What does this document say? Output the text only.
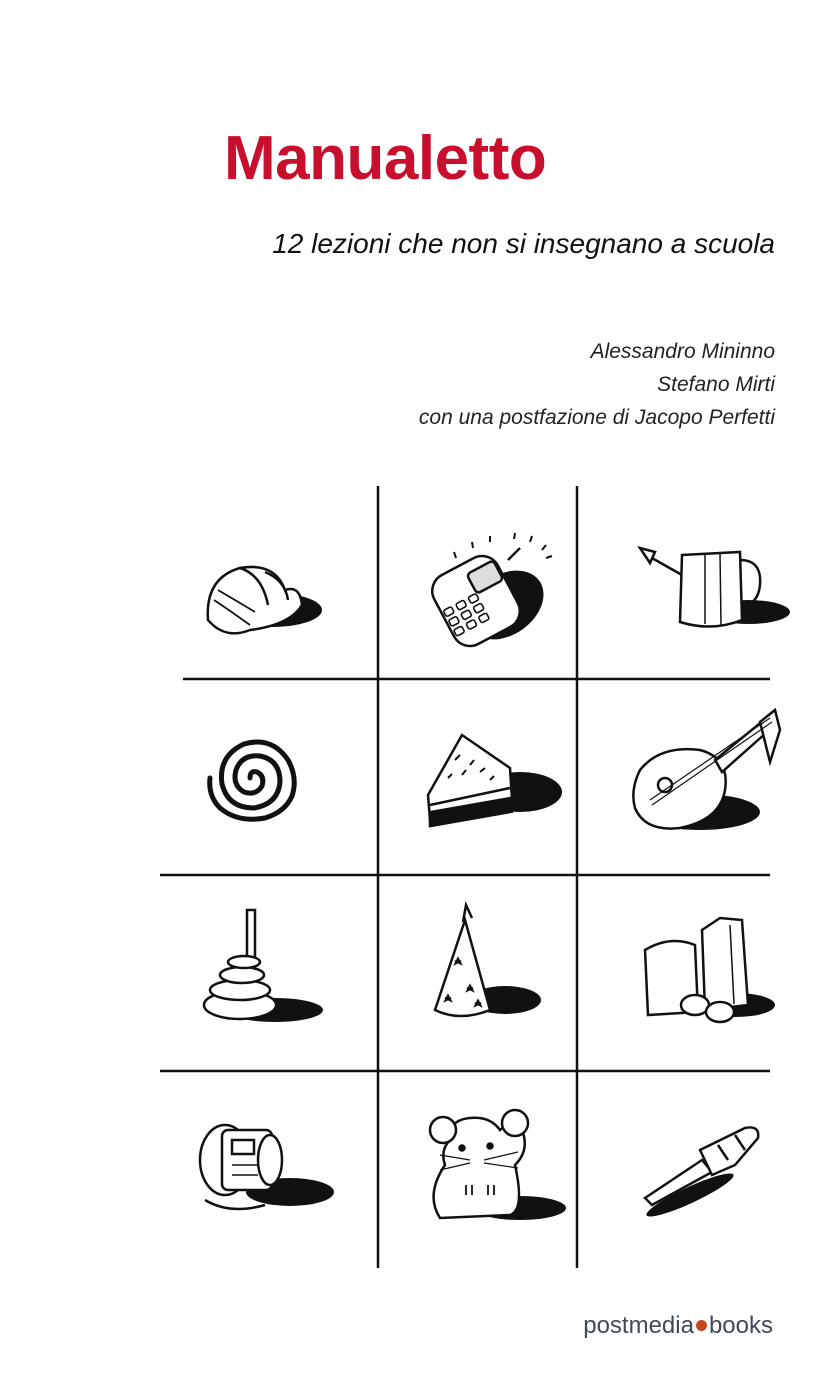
Manualetto
12 lezioni che non si insegnano a scuola
Alessandro Mininno
Stefano Mirti
con una postfazione di Jacopo Perfetti
postmedia books
